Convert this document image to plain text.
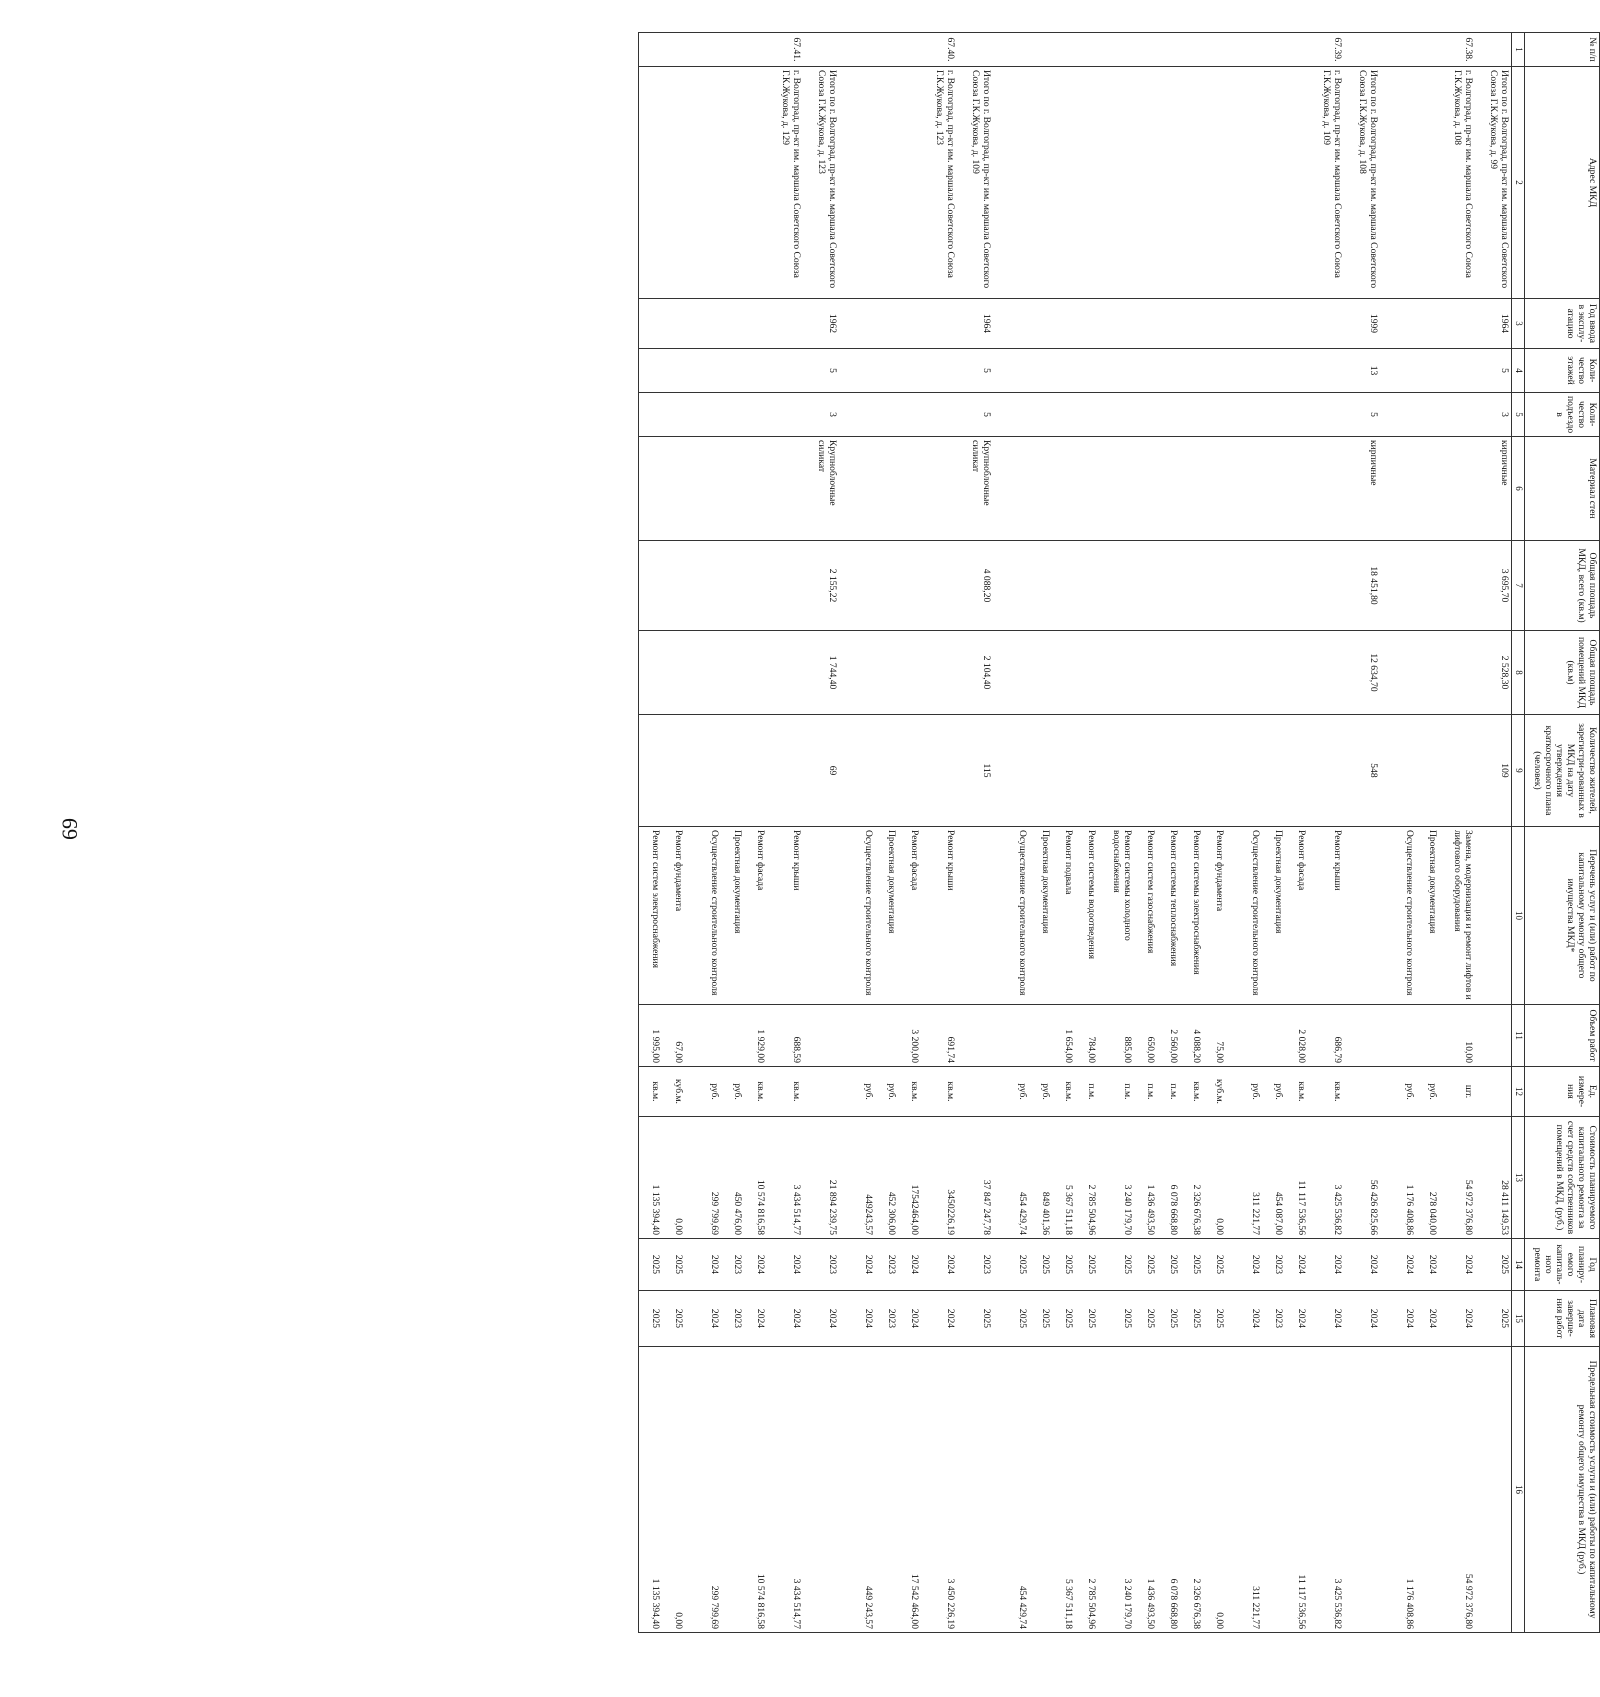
69
№ п/п	Адрес МКД	Год ввода в эксплу-атацию	Коли-чество этажей	Коли-чество подъездо в	Материал стен	Общая площадь МКД, всего (кв.м)	Общая площадь помещений МКД (кв.м)	Количество жителей, зарегистри-рованных в МКД на дату утверждения краткосрочного плана (человек)	Перечень услуг и (или) работ по капитальному ремонту общего имущества МКД*	Объем работ	Ед. измере-ния	Стоимость планируемого капитального ремонта за счет средств собственников помещений в МКД, (руб.)	Год планиру-емого капиталь-ного ремонта	Плановая дата заверше-ния работ	Предельная стоимость услуги и (или) работы по капитальному ремонту общего имущества в МКД (руб.)
1	2	3	4	5	6	7	8	9	10	11	12	13	14	15	16
	Итого по г. Волгоград, пр-кт им. маршала Советского Союза Г.К.Жукова, д. 99	1964	5	3	кирпичные	3 695,70	2 528,30	109				28 411 149,53	2025	2025	
67.38.	г. Волгоград, пр-кт им. маршала Советского Союза Г.К.Жукова, д. 108								Замена, модернизация и ремонт лифтов и лифтового оборудования	10,00	шт.	54 972 376,80	2024	2024	54 972 376,80
									Проектная документация		руб.	278 040,00	2024	2024	
									Осуществление строительного контроля		руб.	1 176 408,86	2024	2024	1 176 408,86
	Итого по г. Волгоград, пр-кт им. маршала Советского Союза Г.К.Жукова, д. 108	1999	13	5	кирпичные	18 451,80	12 634,70	548				56 426 825,66	2024	2024	
67.39.	г. Волгоград, пр-кт им. маршала Советского Союза Г.К.Жукова, д. 109								Ремонт крыши	686,79	кв.м.	3 425 536,82	2024	2024	3 425 536,82
									Ремонт фасада	2 028,00	кв.м.	11 117 536,56	2024	2024	11 117 536,56
									Проектная документация		руб.	454 087,00	2023	2023	
									Осуществление строительного контроля		руб.	311 221,77	2024	2024	311 221,77
									Ремонт фундамента	75,00	куб.м.	0,00	2025	2025	0,00
									Ремонт системы электроснабжения	4 088,20	кв.м.	2 326 676,38	2025	2025	2 326 676,38
									Ремонт системы теплоснабжения	2 560,00	п.м.	6 078 668,80	2025	2025	6 078 668,80
									Ремонт систем газоснабжения	650,00	п.м.	1 436 493,50	2025	2025	1 436 493,50
									Ремонт системы холодного водоснабжения	885,00	п.м.	3 240 179,70	2025	2025	3 240 179,70
									Ремонт системы водоотведения	784,00	п.м.	2 785 504,96	2025	2025	2 785 504,96
									Ремонт подвала	1 654,00	кв.м.	5 367 511,18	2025	2025	5 367 511,18
									Проектная документация		руб.	849 401,36	2025	2025	
									Осуществление строительного контроля		руб.	454 429,74	2025	2025	454 429,74
	Итого по г. Волгоград, пр-кт им. маршала Советского Союза Г.К.Жукова, д. 109	1964	5	5	Крупноблочные силикат	4 088,20	2 104,40	115				37 847 247,78	2023	2025	
67.40.	г. Волгоград, пр-кт им. маршала Советского Союза Г.К.Жукова, д. 123								Ремонт крыши	691,74	кв.м.	3450226,19	2024	2024	3 450 226,19
									Ремонт фасада	3 200,00	кв.м.	17542464,00	2024	2024	17 542 464,00
									Проектная документация		руб.	452 306,00	2023	2023	
									Осуществление строительного контроля		руб.	449243,57	2024	2024	449 243,57
	Итого по г. Волгоград, пр-кт им. маршала Советского Союза Г.К.Жукова, д. 123	1962	5	3	Крупноблочные силикат	2 155,22	1 744,40	69				21 894 239,75	2023	2024	
67.41.	г. Волгоград, пр-кт им. маршала Советского Союза Г.К.Жукова, д. 129								Ремонт крыши	688,59	кв.м.	3 434 514,77	2024	2024	3 434 514,77
									Ремонт фасада	1 929,00	кв.м.	10 574 816,58	2024	2024	10 574 816,58
									Проектная документация		руб.	450 476,00	2023	2023	
									Осуществление строительного контроля		руб.	299 799,69	2024	2024	299 799,69
									Ремонт фундамента	67,00	куб.м.	0,00	2025	2025	0,00
									Ремонт систем электроснабжения	1 995,00	кв.м.	1 135 394,40	2025	2025	1 135 394,40
